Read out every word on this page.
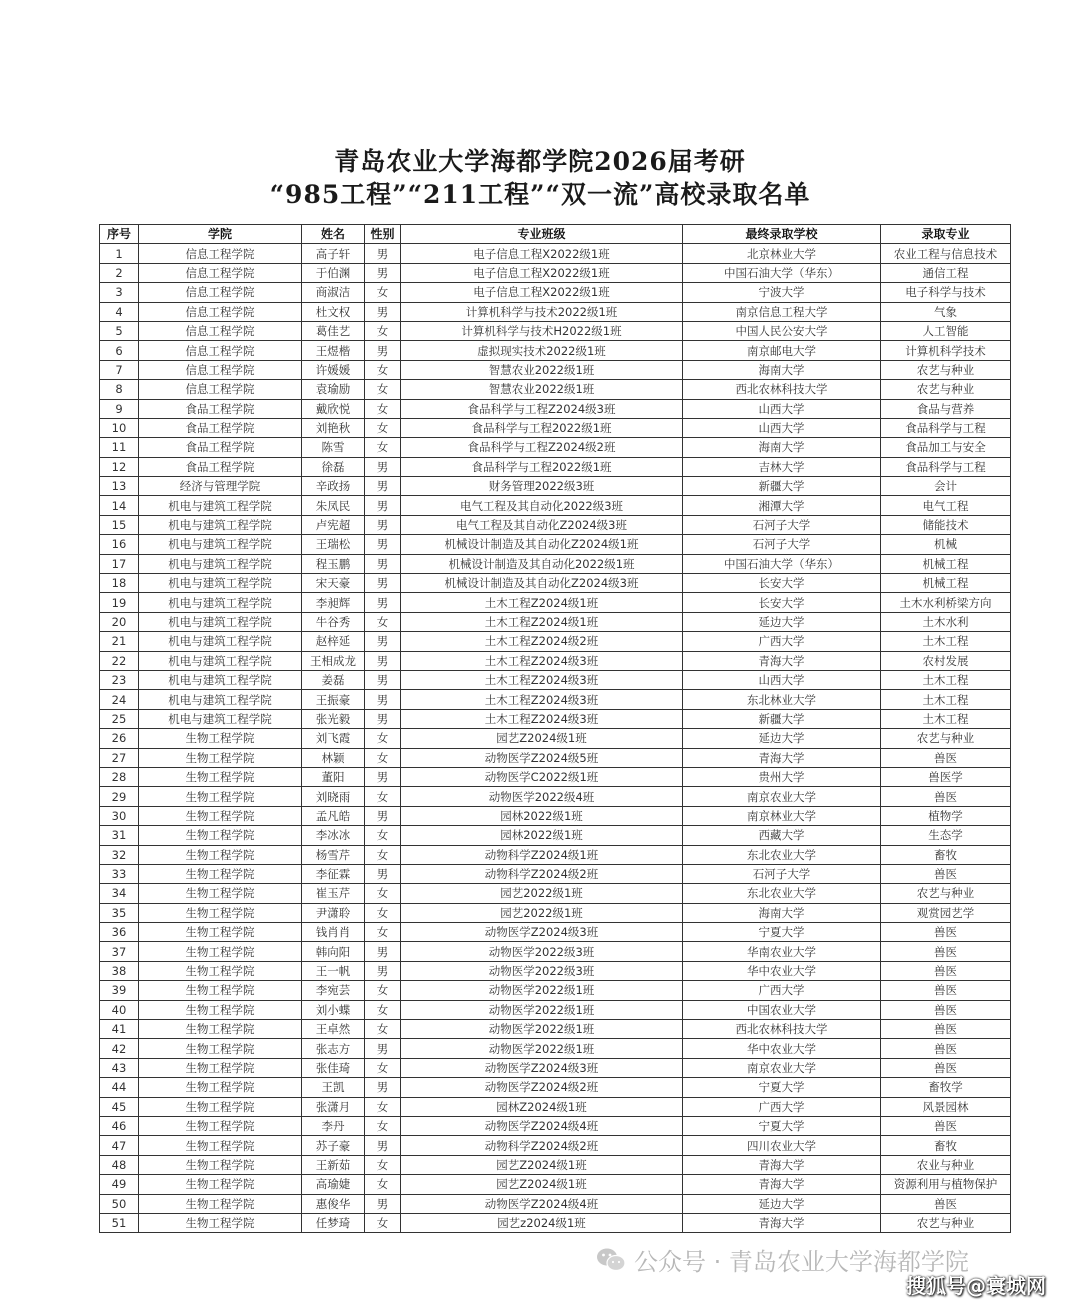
青岛农业大学海都学院2026届考研
“985工程”“211工程”“双一流”高校录取名单
序号	学院	姓名	性别	专业班级	最终录取学校	录取专业
1	信息工程学院	高子轩	男	电子信息工程X2022级1班	北京林业大学	农业工程与信息技术
2	信息工程学院	于伯渊	男	电子信息工程X2022级1班	中国石油大学（华东）	通信工程
3	信息工程学院	商淑洁	女	电子信息工程X2022级1班	宁波大学	电子科学与技术
4	信息工程学院	杜文权	男	计算机科学与技术2022级1班	南京信息工程大学	气象
5	信息工程学院	葛佳艺	女	计算机科学与技术H2022级1班	中国人民公安大学	人工智能
6	信息工程学院	王煜楷	男	虚拟现实技术2022级1班	南京邮电大学	计算机科学技术
7	信息工程学院	许媛媛	女	智慧农业2022级1班	海南大学	农艺与种业
8	信息工程学院	袁瑜励	女	智慧农业2022级1班	西北农林科技大学	农艺与种业
9	食品工程学院	戴欣悦	女	食品科学与工程Z2024级3班	山西大学	食品与营养
10	食品工程学院	刘艳秋	女	食品科学与工程2022级1班	山西大学	食品科学与工程
11	食品工程学院	陈雪	女	食品科学与工程Z2024级2班	海南大学	食品加工与安全
12	食品工程学院	徐磊	男	食品科学与工程2022级1班	吉林大学	食品科学与工程
13	经济与管理学院	辛政扬	男	财务管理2022级3班	新疆大学	会计
14	机电与建筑工程学院	朱凤民	男	电气工程及其自动化2022级3班	湘潭大学	电气工程
15	机电与建筑工程学院	卢宪超	男	电气工程及其自动化Z2024级3班	石河子大学	储能技术
16	机电与建筑工程学院	王瑞松	男	机械设计制造及其自动化Z2024级1班	石河子大学	机械
17	机电与建筑工程学院	程玉鹏	男	机械设计制造及其自动化2022级1班	中国石油大学（华东）	机械工程
18	机电与建筑工程学院	宋天豪	男	机械设计制造及其自动化Z2024级3班	长安大学	机械工程
19	机电与建筑工程学院	李昶辉	男	土木工程Z2024级1班	长安大学	土木水利桥梁方向
20	机电与建筑工程学院	牛谷秀	女	土木工程Z2024级1班	延边大学	土木水利
21	机电与建筑工程学院	赵梓延	男	土木工程Z2024级2班	广西大学	土木工程
22	机电与建筑工程学院	王相成龙	男	土木工程Z2024级3班	青海大学	农村发展
23	机电与建筑工程学院	姜磊	男	土木工程Z2024级3班	山西大学	土木工程
24	机电与建筑工程学院	王振豪	男	土木工程Z2024级3班	东北林业大学	土木工程
25	机电与建筑工程学院	张光毅	男	土木工程Z2024级3班	新疆大学	土木工程
26	生物工程学院	刘飞霞	女	园艺Z2024级1班	延边大学	农艺与种业
27	生物工程学院	林颖	女	动物医学Z2024级5班	青海大学	兽医
28	生物工程学院	董阳	男	动物医学C2022级1班	贵州大学	兽医学
29	生物工程学院	刘晓雨	女	动物医学2022级4班	南京农业大学	兽医
30	生物工程学院	孟凡皓	男	园林2022级1班	南京林业大学	植物学
31	生物工程学院	李冰冰	女	园林2022级1班	西藏大学	生态学
32	生物工程学院	杨雪芹	女	动物科学Z2024级1班	东北农业大学	畜牧
33	生物工程学院	李征霖	男	动物科学Z2024级2班	石河子大学	兽医
34	生物工程学院	崔玉芹	女	园艺2022级1班	东北农业大学	农艺与种业
35	生物工程学院	尹潇聆	女	园艺2022级1班	海南大学	观赏园艺学
36	生物工程学院	钱肖肖	女	动物医学Z2024级3班	宁夏大学	兽医
37	生物工程学院	韩向阳	男	动物医学2022级3班	华南农业大学	兽医
38	生物工程学院	王一帆	男	动物医学2022级3班	华中农业大学	兽医
39	生物工程学院	李宛芸	女	动物医学2022级1班	广西大学	兽医
40	生物工程学院	刘小蝶	女	动物医学2022级1班	中国农业大学	兽医
41	生物工程学院	王卓然	女	动物医学2022级1班	西北农林科技大学	兽医
42	生物工程学院	张志方	男	动物医学2022级1班	华中农业大学	兽医
43	生物工程学院	张佳琦	女	动物医学Z2024级3班	南京农业大学	兽医
44	生物工程学院	王凯	男	动物医学Z2024级2班	宁夏大学	畜牧学
45	生物工程学院	张潇月	女	园林Z2024级1班	广西大学	风景园林
46	生物工程学院	李丹	女	动物医学Z2024级4班	宁夏大学	兽医
47	生物工程学院	苏子豪	男	动物科学Z2024级2班	四川农业大学	畜牧
48	生物工程学院	王新茹	女	园艺Z2024级1班	青海大学	农业与种业
49	生物工程学院	高瑜婕	女	园艺Z2024级1班	青海大学	资源利用与植物保护
50	生物工程学院	惠俊华	男	动物医学Z2024级4班	延边大学	兽医
51	生物工程学院	任梦琦	女	园艺z2024级1班	青海大学	农艺与种业
公众号 · 青岛农业大学海都学院
搜狐号@寰城网
